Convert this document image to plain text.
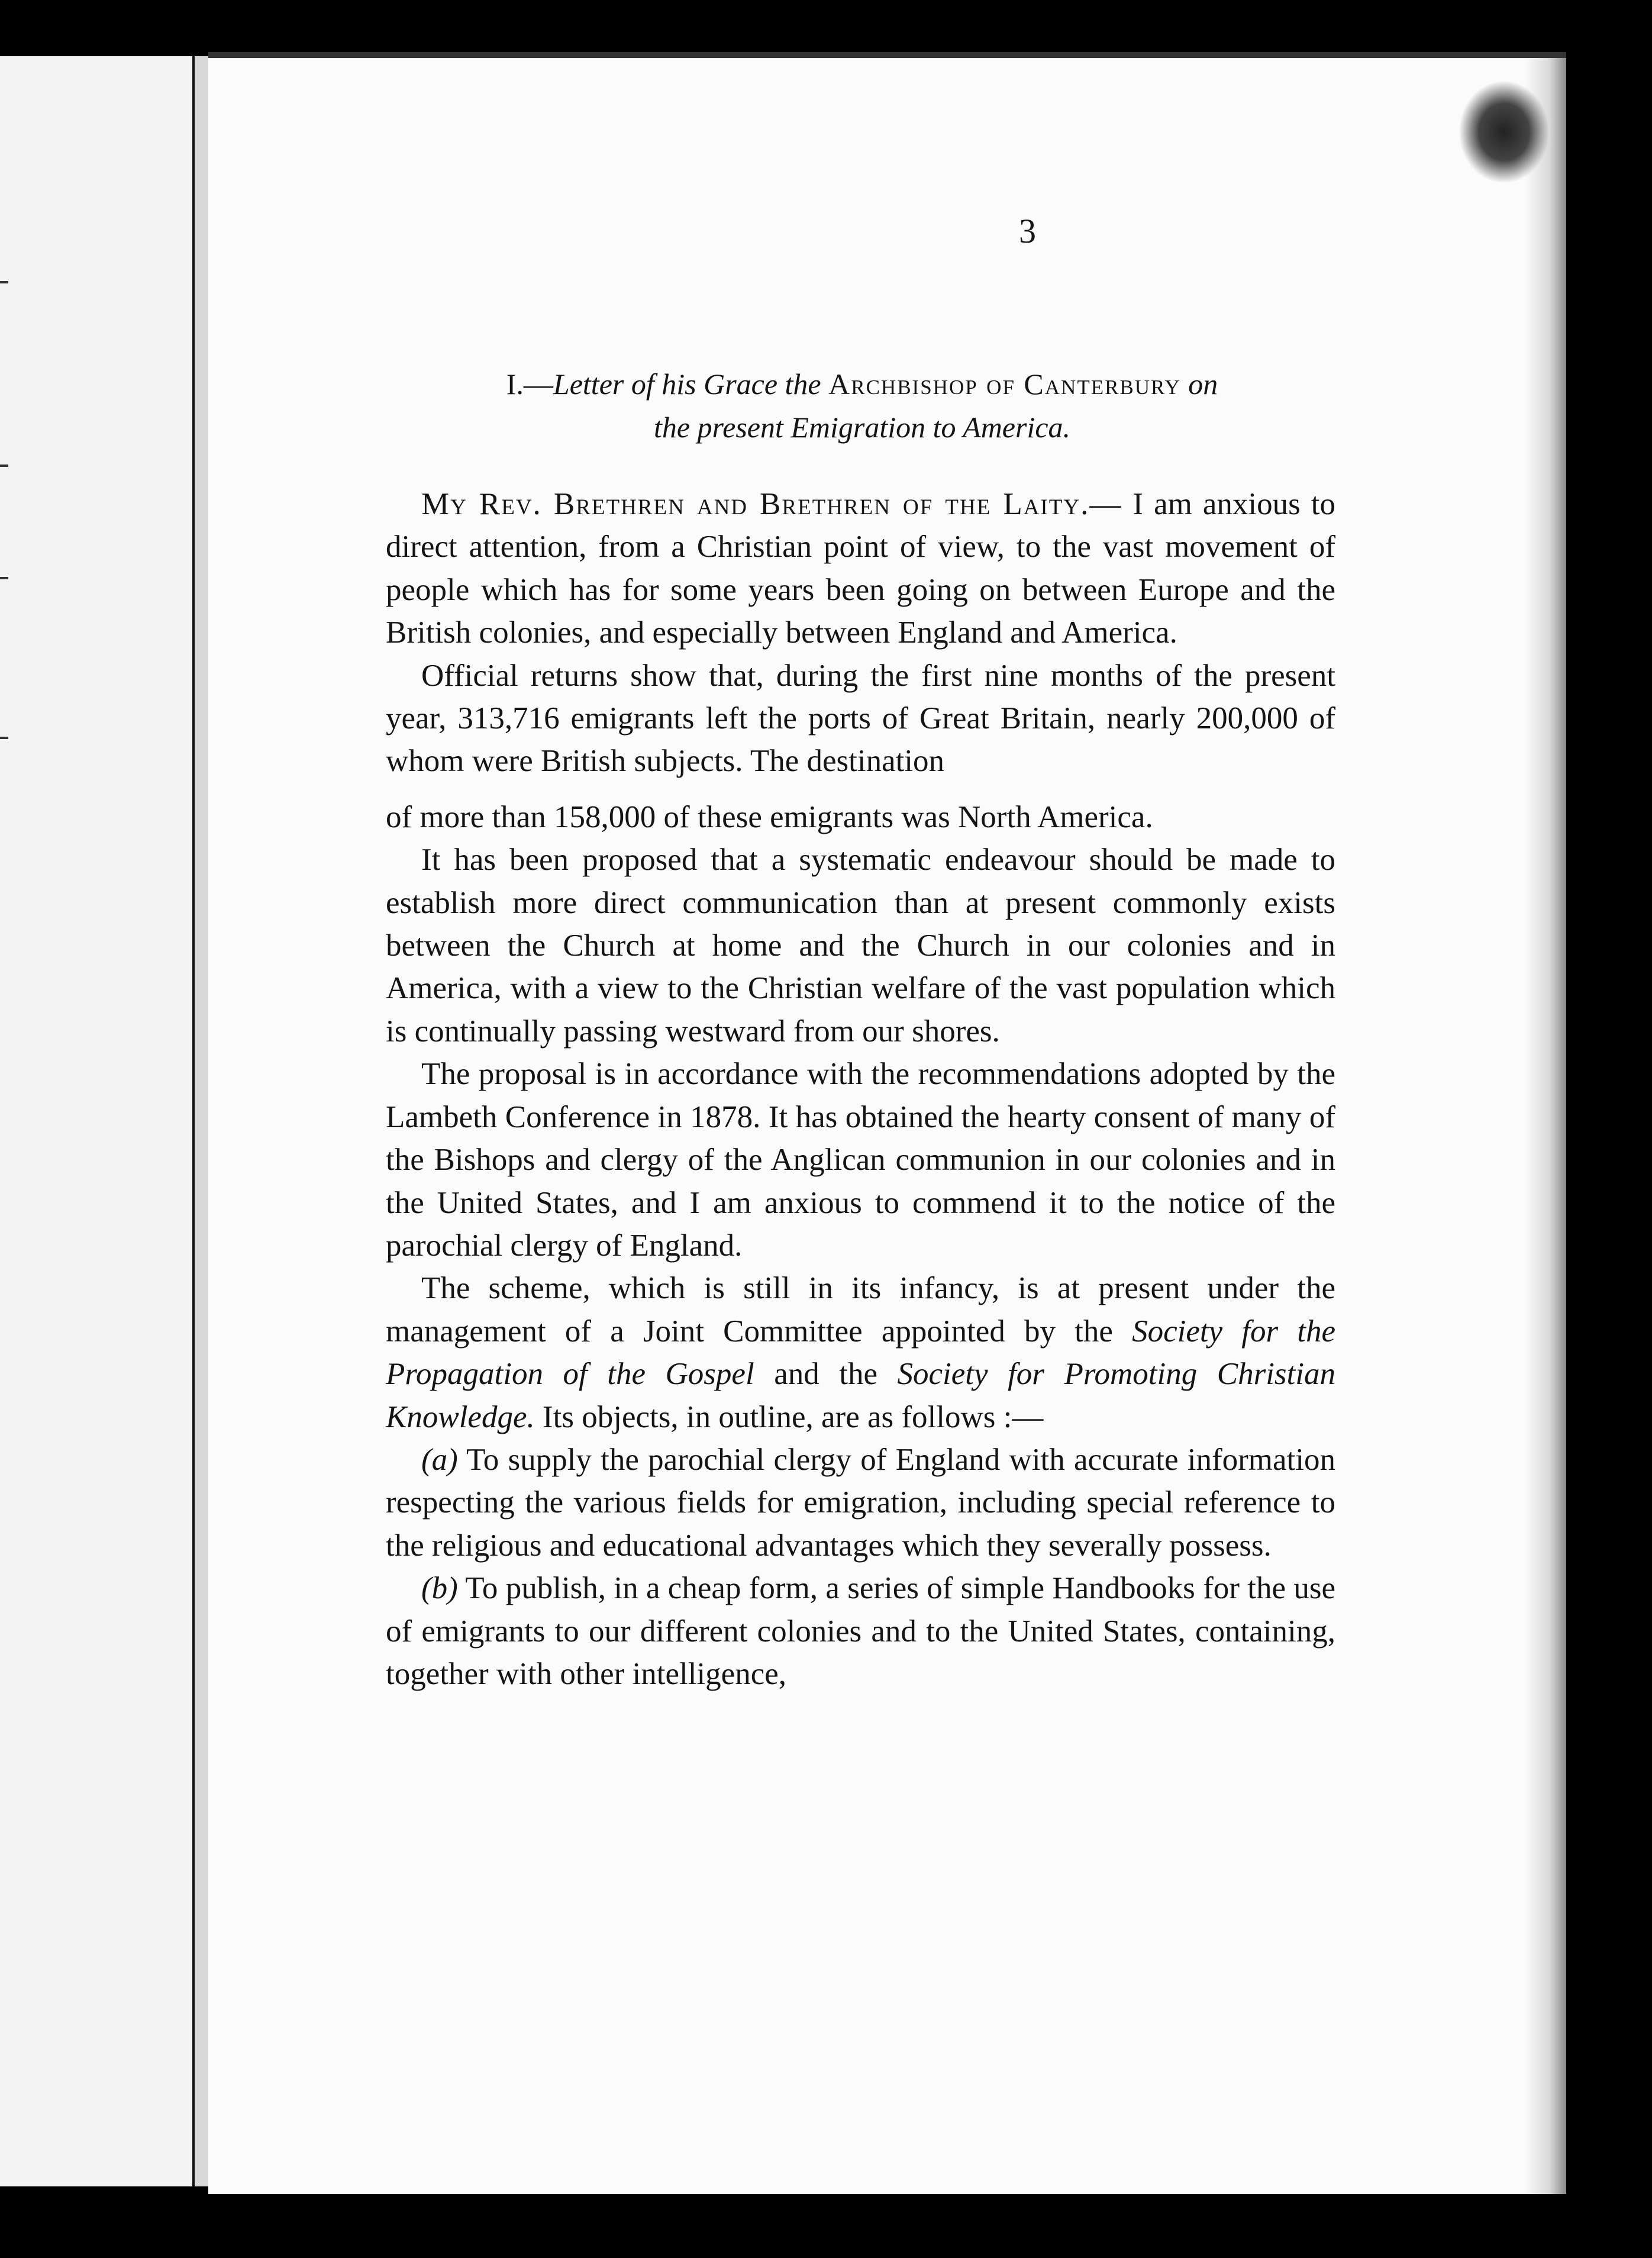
3
I.—Letter of his Grace the Archbishop of Canterbury on
the present Emigration to America.

My Rev. Brethren and Brethren of the Laity.— I am anxious to direct attention, from a Christian point of view, to the vast movement of people which has for some years been going on between Europe and the British colonies, and especially between England and America.

Official returns show that, during the first nine months of the present year, 313,716 emigrants left the ports of Great Britain, nearly 200,000 of whom were British subjects. The destination

of more than 158,000 of these emigrants was North America.

It has been proposed that a systematic endeavour should be made to establish more direct communication than at present commonly exists between the Church at home and the Church in our colonies and in America, with a view to the Christian welfare of the vast population which is continually passing westward from our shores.

The proposal is in accordance with the recommendations adopted by the Lambeth Conference in 1878. It has obtained the hearty consent of many of the Bishops and clergy of the Anglican communion in our colonies and in the United States, and I am anxious to commend it to the notice of the parochial clergy of England.

The scheme, which is still in its infancy, is at present under the management of a Joint Committee appointed by the Society for the Propagation of the Gospel and the Society for Promoting Christian Knowledge. Its objects, in outline, are as follows :—

(a) To supply the parochial clergy of England with accurate information respecting the various fields for emigration, including special reference to the religious and educational advantages which they severally possess.

(b) To publish, in a cheap form, a series of simple Handbooks for the use of emigrants to our different colonies and to the United States, containing, together with other intelligence,
